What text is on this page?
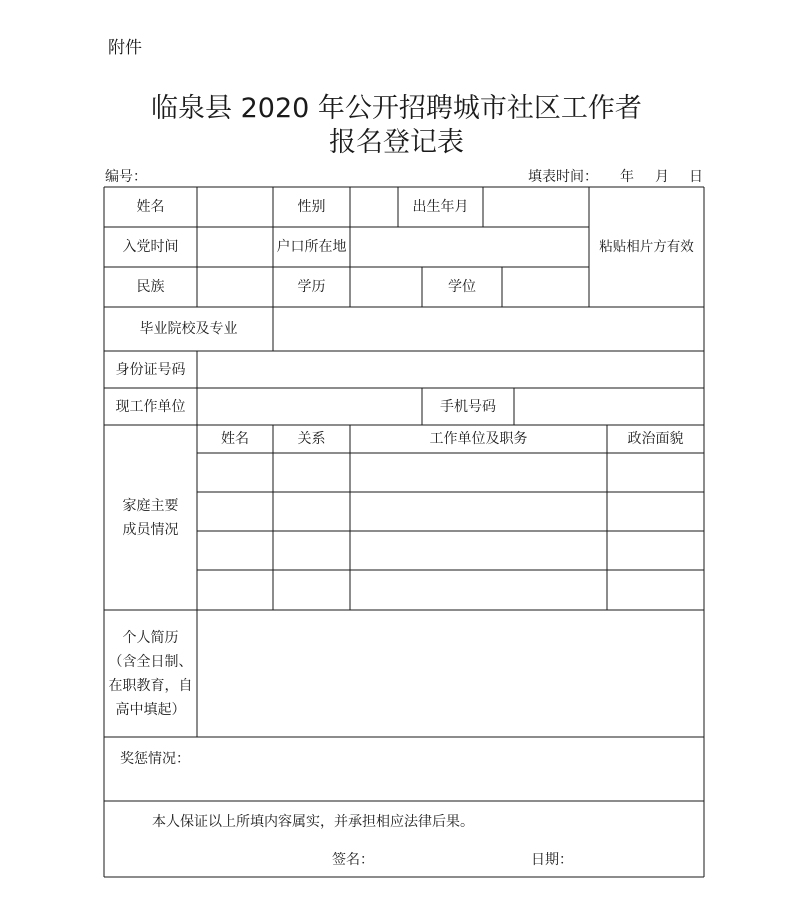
附件
临泉县 2020 年公开招聘城市社区工作者
报名登记表
编号：	填表时间： 年 月 日
姓名	性别	出生年月
粘贴相片方有效
入党时间	户口所在地
民族	学历	学位
毕业院校及专业
身份证号码
现工作单位	手机号码
家庭主要
成员情况
姓名	关系	工作单位及职务	政治面貌
个人简历
（含全日制、
在职教育，自
高中填起）
奖惩情况：
本人保证以上所填内容属实，并承担相应法律后果。
签名：	日期：
